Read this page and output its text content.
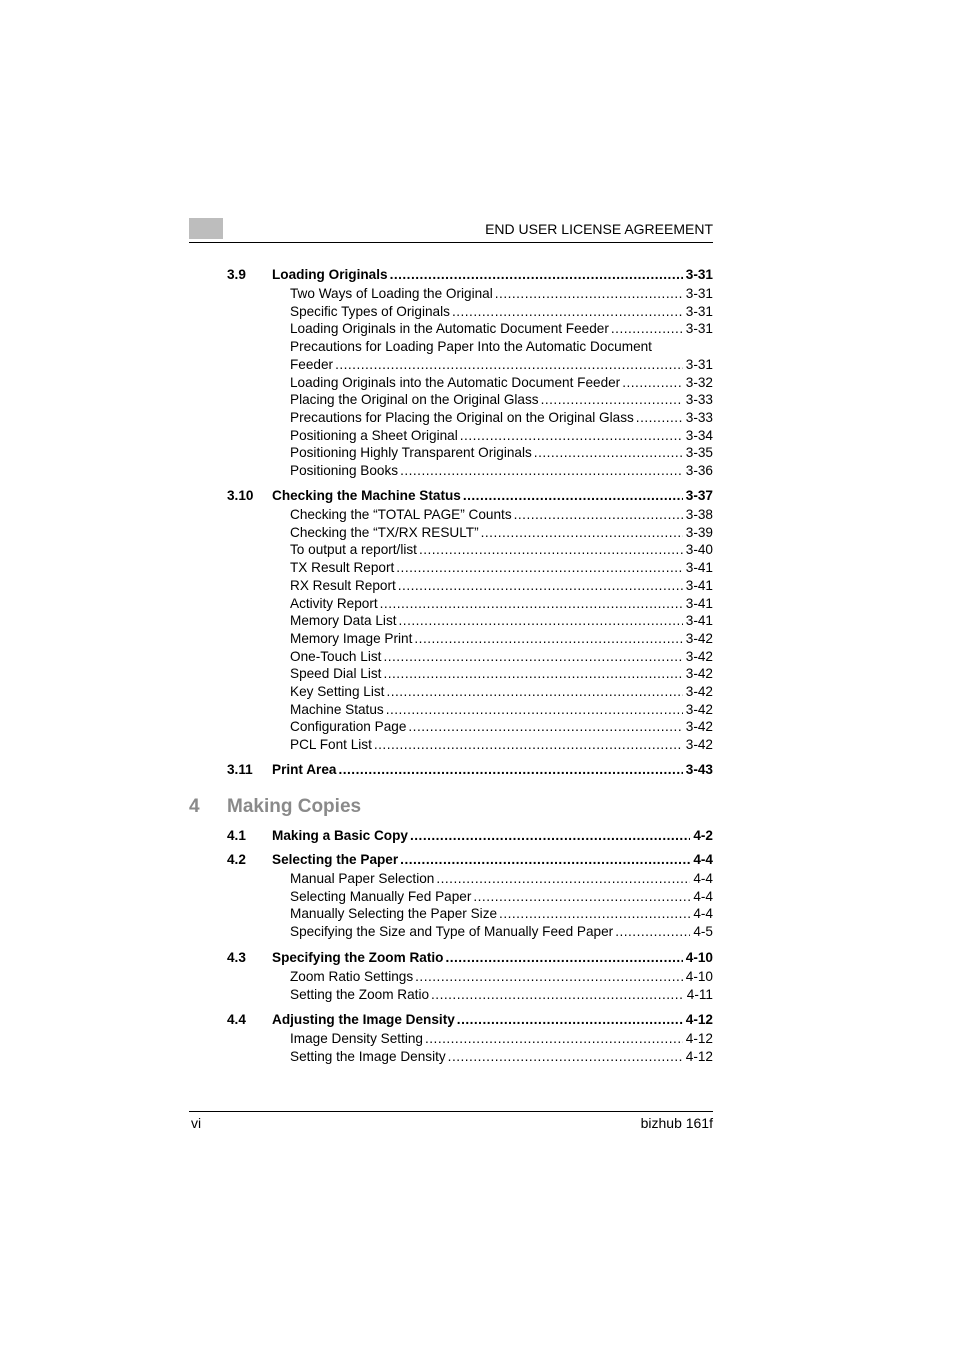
END USER LICENSE AGREEMENT
3.9 Loading Originals .....	3-31
Two Ways of Loading the Original .....	3-31
Specific Types of Originals .....	3-31
Loading Originals in the Automatic Document Feeder .....	3-31
Precautions for Loading Paper Into the Automatic Document
Feeder .....	3-31
Loading Originals into the Automatic Document Feeder .....	3-32
Placing the Original on the Original Glass .....	3-33
Precautions for Placing the Original on the Original Glass .....	3-33
Positioning a Sheet Original .....	3-34
Positioning Highly Transparent Originals .....	3-35
Positioning Books .....	3-36
3.10 Checking the Machine Status .....	3-37
Checking the “TOTAL PAGE” Counts .....	3-38
Checking the “TX/RX RESULT” .....	3-39
To output a report/list .....	3-40
TX Result Report .....	3-41
RX Result Report .....	3-41
Activity Report .....	3-41
Memory Data List .....	3-41
Memory Image Print .....	3-42
One-Touch List .....	3-42
Speed Dial List .....	3-42
Key Setting List .....	3-42
Machine Status .....	3-42
Configuration Page .....	3-42
PCL Font List .....	3-42
3.11 Print Area .....	3-43
4.1 Making a Basic Copy .....	4-2
4.2 Selecting the Paper .....	4-4
Manual Paper Selection .....	4-4
Selecting Manually Fed Paper .....	4-4
Manually Selecting the Paper Size .....	4-4
Specifying the Size and Type of Manually Feed Paper .....	4-5
4.3 Specifying the Zoom Ratio .....	4-10
Zoom Ratio Settings .....	4-10
Setting the Zoom Ratio .....	4-11
4.4 Adjusting the Image Density .....	4-12
Image Density Setting .....	4-12
Setting the Image Density .....	4-12
4 Making Copies
vi	bizhub 161f
